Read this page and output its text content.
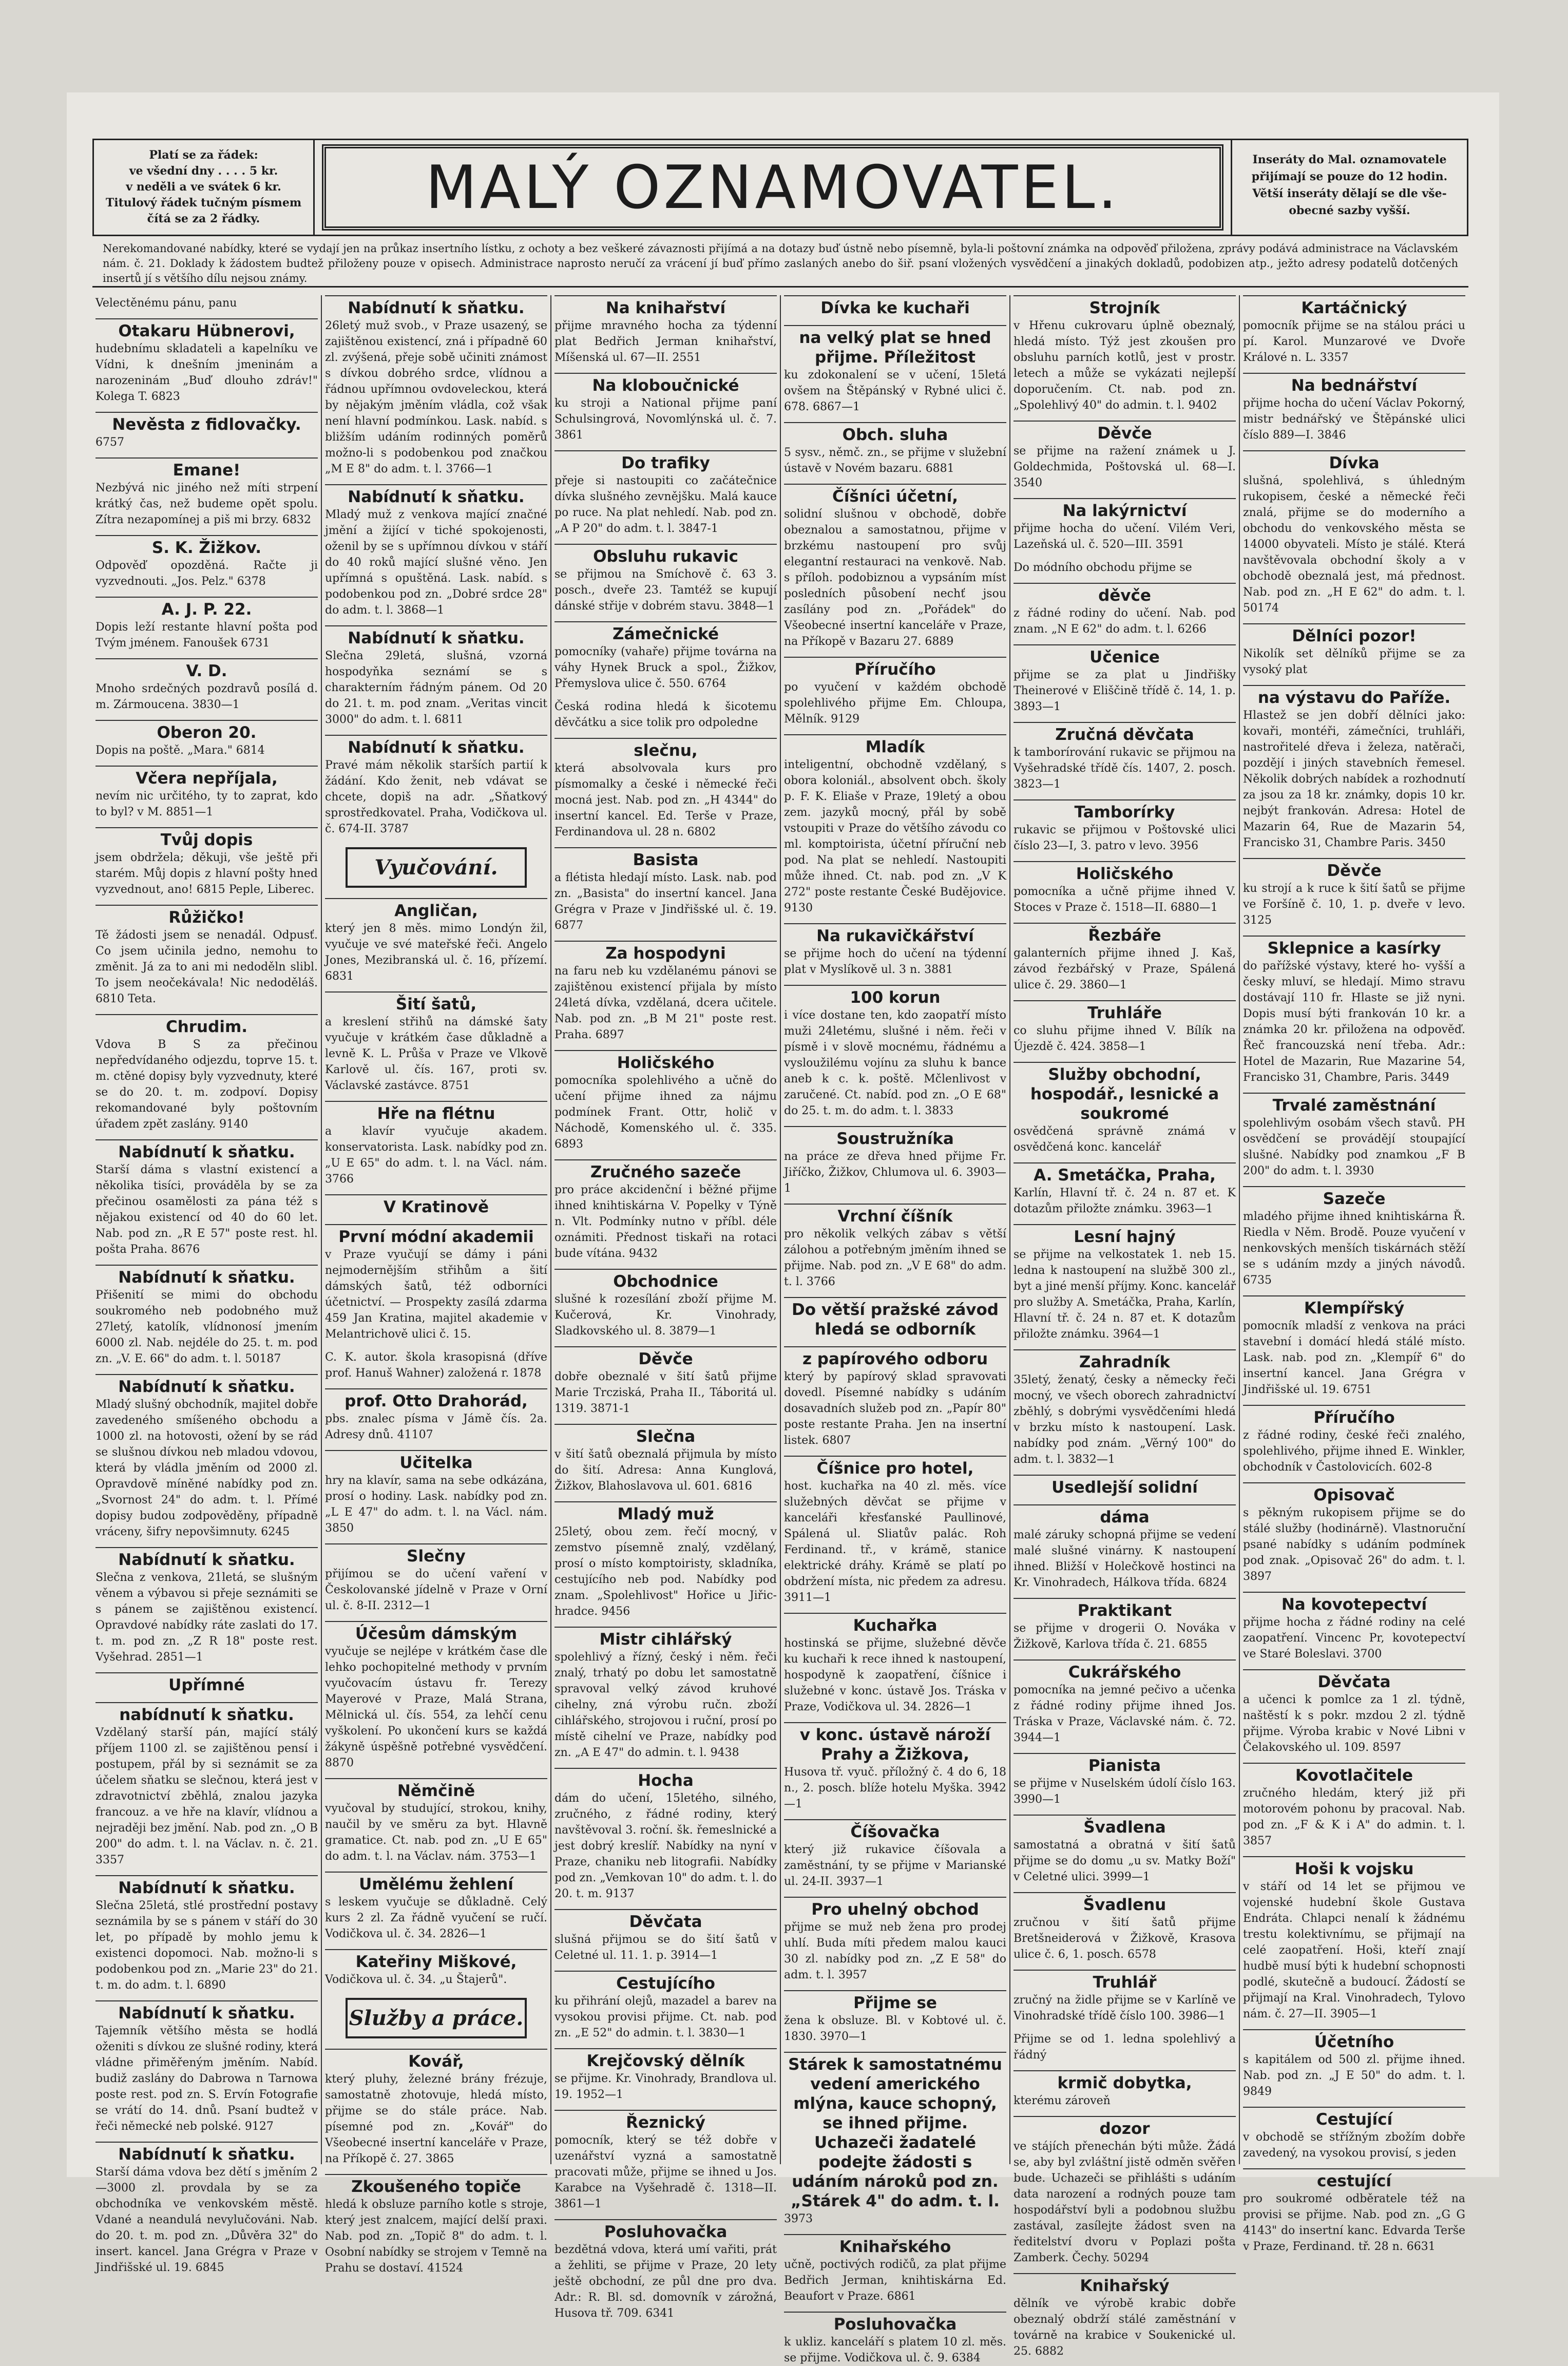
Platí se za řádek:
ve všední dny . . . . 5 kr.
v neděli a ve svátek 6 kr.
Titulový řádek tučným písmem
čítá se za 2 řádky.	MALÝ OZNAMOVATEL.	Inseráty do Mal. oznamovatele
přijímají se pouze do 12 hodin.
Větší inseráty dělají se dle vše-
obecné sazby vyšší.
Nerekomandované nabídky, které se vydají jen na průkaz insertního lístku, z ochoty a bez veškeré závaznosti přijímá a na dotazy buď ústně nebo písemně, byla-li poštovní známka na odpověď přiložena, zprávy podává administrace na Václavském nám. č. 21. Doklady k žádostem budtež přiloženy pouze v opisech. Administrace naprosto neručí za vrácení jí buď přímo zaslaných anebo do šiř. psaní vložených vysvědčení a jinakých dokladů, podobizen atp., ježto adresy podatelů dotčených insertů jí s většího dílu nejsou známy.
Velectěnému pánu, panu
Otakaru Hübnerovi,
hudebnímu skladateli a kapelníku ve Vídni, k dnešním jmeninám a narozeninám „Buď dlouho zdráv!" Kolega T. 6823
Nevěsta z fidlovačky.
6757
Emane!
Nezbývá nic jiného než míti strpení krátký čas, než budeme opět spolu. Zítra nezapomínej a piš mi brzy. 6832
S. K. Žižkov.
Odpověď opozděná. Račte ji vyzvednouti. „Jos. Pelz." 6378
A. J. P. 22.
Dopis leží restante hlavní pošta pod Tvým jménem. Fanoušek 6731
V. D.
Mnoho srdečných pozdravů posílá d. m. Zármoucena. 3830—1
Oberon 20.
Dopis na poště. „Mara." 6814
Včera nepříjala,
nevím nic určitého, ty to zaprat, kdo to byl? v M. 8851—1
Tvůj dopis
jsem obdržela; děkuji, vše ještě při starém. Můj dopis z hlavní pošty hned vyzvednout, ano! 6815 Peple, Liberec.
Růžičko!
Tě žádosti jsem se nenadál. Odpusť. Co jsem učinila jedno, nemohu to změnit. Já za to ani mi nedoděln slibl. To jsem neočekávala! Nic nedoděláš. 6810 Teta.
Chrudim.
Vdova B S za přečinou nepředvídaného odjezdu, toprve 15. t. m. ctěné dopisy byly vyzvednuty, které se do 20. t. m. zodpoví. Dopisy rekomandované byly poštovním úřadem zpět zaslány. 9140
Nabídnutí k sňatku.
Starší dáma s vlastní existencí a několika tisíci, prováděla by se za přečinou osamělosti za pána též s nějakou existencí od 40 do 60 let. Nab. pod zn. „R E 57" poste rest. hl. pošta Praha. 8676
Nabídnutí k sňatku.
Přišenití se mimi do obchodu soukromého neb podobného muž 27letý, katolík, vlídnonosí jmením 6000 zl. Nab. nejdéle do 25. t. m. pod zn. „V. E. 66" do adm. t. l. 50187
Nabídnutí k sňatku.
Mladý slušný obchodník, majitel dobře zavedeného smíšeného obchodu a 1000 zl. na hotovosti, ožení by se rád se slušnou dívkou neb mladou vdovou, která by vládla jměním od 2000 zl. Opravdově míněné nabídky pod zn. „Svornost 24" do adm. t. l. Přímé dopisy budou zodpověděny, případně vráceny, šifry nepovšimnuty. 6245
Nabídnutí k sňatku.
Slečna z venkova, 21letá, se slušným věnem a výbavou si přeje seznámiti se s pánem se zajištěnou existencí. Opravdové nabídky ráte zaslati do 17. t. m. pod zn. „Z R 18" poste rest. Vyšehrad. 2851—1
Upřímné
nabídnutí k sňatku.
Vzdělaný starší pán, mající stálý příjem 1100 zl. se zajištěnou pensí i postupem, přál by si seznámit se za účelem sňatku se slečnou, která jest v zdravotnictví zběhlá, znalou jazyka francouz. a ve hře na klavír, vlídnou a nejraději bez jmění. Nab. pod zn. „O B 200" do adm. t. l. na Václav. n. č. 21. 3357
Nabídnutí k sňatku.
Slečna 25letá, stlé prostřední postavy seznámila by se s pánem v stáří do 30 let, po případě by mohlo jemu k existenci dopomoci. Nab. možno-li s podobenkou pod zn. „Marie 23" do 21. t. m. do adm. t. l. 6890
Nabídnutí k sňatku.
Tajemník většího města se hodlá oženiti s dívkou ze slušné rodiny, která vládne přiměřeným jměním. Nabíd. budiž zaslány do Dabrowa n Tarnowa poste rest. pod zn. S. Ervín Fotografie se vrátí do 14. dnů. Psaní budtež v řeči německé neb polské. 9127
Nabídnutí k sňatku.
Starší dáma vdova bez dětí s jměním 2—3000 zl. provdala by se za obchodníka ve venkovském městě. Vdané a neandulá nevylučováni. Nab. do 20. t. m. pod zn. „Důvěra 32" do insert. kancel. Jana Grégra v Praze v Jindřišské ul. 19. 6845
Nabídnutí k sňatku.
26letý muž svob., v Praze usazený, se zajištěnou existencí, zná i případně 60 zl. zvýšená, přeje sobě učiniti známost s dívkou dobrého srdce, vlídnou a řádnou upřímnou ovdoveleckou, která by nějakým jměním vládla, což však není hlavní podmínkou. Lask. nabíd. s bližším udáním rodinných poměrů možno-li s podobenkou pod značkou „M E 8" do adm. t. l. 3766—1
Nabídnutí k sňatku.
Mladý muž z venkova mající značné jmění a žijící v tiché spokojenosti, oženil by se s upřímnou dívkou v stáří do 40 roků mající slušné věno. Jen upřímná s opuštěná. Lask. nabíd. s podobenkou pod zn. „Dobré srdce 28" do adm. t. l. 3868—1
Nabídnutí k sňatku.
Slečna 29letá, slušná, vzorná hospodyňka seznámí se s charakterním řádným pánem. Od 20 do 21. t. m. pod znam. „Veritas vincit 3000" do adm. t. l. 6811
Nabídnutí k sňatku.
Pravé mám několik starších partií k žádání. Kdo ženit, neb vdávat se chcete, dopiš na adr. „Sňatkový sprostředkovatel. Praha, Vodičkova ul. č. 674-II. 3787
Vyučování.
Angličan,
který jen 8 měs. mimo Londýn žil, vyučuje ve své mateřské řeči. Angelo Jones, Mezibranská ul. č. 16, přízemí. 6831
Šití šatů,
a kreslení střihů na dámské šaty vyučuje v krátkém čase důkladně a levně K. L. Průša v Praze ve Vlkově Karlově ul. čís. 167, proti sv. Václavské zastávce. 8751
Hře na flétnu
a klavír vyučuje akadem. konservatorista. Lask. nabídky pod zn. „U E 65" do adm. t. l. na Václ. nám. 3766
V Kratinově
První módní akademii
v Praze vyučují se dámy i páni nejmodernějším střihům a šití dámských šatů, též odborníci účetnictví. — Prospekty zasílá zdarma 459 Jan Kratina, majitel akademie v Melantrichově ulici č. 15.
C. K. autor. škola krasopisná (dříve prof. Hanuš Wahner) založená r. 1878
prof. Otto Drahorád,
pbs. znalec písma v Jámě čís. 2a. Adresy dnů. 41107
Učitelka
hry na klavír, sama na sebe odkázána, prosí o hodiny. Lask. nabídky pod zn. „L E 47" do adm. t. l. na Václ. nám. 3850
Slečny
přijímou se do učení vaření v Českolovanské jídelně v Praze v Orní ul. č. 8-II. 2312—1
Účesům dámským
vyučuje se nejlépe v krátkém čase dle lehko pochopitelné methody v prvním vyučovacím ústavu fr. Terezy Mayerové v Praze, Malá Strana, Mělnická ul. čís. 554, za lehčí cenu vyškolení. Po ukončení kurs se každá žákyně úspěšně potřebné vysvědčení. 8870
Němčině
vyučoval by studující, strokou, knihy, naučil by ve směru za byt. Hlavně gramatice. Ct. nab. pod zn. „U E 65" do adm. t. l. na Václav. nám. 3753—1
Umělému žehlení
s leskem vyučuje se důkladně. Celý kurs 2 zl. Za řádně vyučení se ručí. Vodičkova ul. č. 34. 2826—1
Kateřiny Miškové,
Vodičkova ul. č. 34. „u Štajerů".
Služby a práce.
Kovář,
který pluhy, železné brány frézuje, samostatně zhotovuje, hledá místo, přijme se do stále práce. Nab. písemné pod zn. „Kovář" do Všeobecné insertní kanceláře v Praze, na Příkopě č. 27. 3865
Zkoušeného topiče
hledá k obsluze parního kotle s stroje, který jest znalcem, mající delší praxi. Nab. pod zn. „Topič 8" do adm. t. l. Osobní nabídky se strojem v Temně na Prahu se dostaví. 41524
Na knihařství
přijme mravného hocha za týdenní plat Bedřich Jerman knihařství, Míšenská ul. 67—II. 2551
Na kloboučnické
ku stroji a National přijme paní Schulsingrová, Novomlýnská ul. č. 7. 3861
Do trafiky
přeje si nastoupiti co začátečnice dívka slušného zevnějšku. Malá kauce po ruce. Na plat nehledí. Nab. pod zn. „A P 20" do adm. t. l. 3847-1
Obsluhu rukavic
se přijmou na Smíchově č. 63 3. posch., dveře 23. Tamtéž se kupují dánské střije v dobrém stavu. 3848—1
Zámečnické
pomocníky (vahaře) přijme továrna na váhy Hynek Bruck a spol., Žižkov, Přemyslova ulice č. 550. 6764
Česká rodina hledá k šicotemu děvčátku a sice tolik pro odpoledne
slečnu,
která absolvovala kurs pro písmomalky a české i německé řeči mocná jest. Nab. pod zn. „H 4344" do insertní kancel. Ed. Terše v Praze, Ferdinandova ul. 28 n. 6802
Basista
a flétista hledají místo. Lask. nab. pod zn. „Basista" do insertní kancel. Jana Grégra v Praze v Jindřišské ul. č. 19. 6877
Za hospodyni
na faru neb ku vzdělanému pánovi se zajištěnou existencí přijala by místo 24letá dívka, vzdělaná, dcera učitele. Nab. pod zn. „B M 21" poste rest. Praha. 6897
Holičského
pomocníka spolehlivého a učně do učení přijme ihned za nájmu podmínek Frant. Ottr, holič v Náchodě, Komenského ul. č. 335. 6893
Zručného sazeče
pro práce akcidenční i běžné přijme ihned knihtiskárna V. Popelky v Týně n. Vlt. Podmínky nutno v příbl. déle oznámiti. Přednost tiskaři na rotaci bude vítána. 9432
Obchodnice
slušné k rozesílání zboží přijme M. Kučerová, Kr. Vinohrady, Sladkovského ul. 8. 3879—1
Děvče
dobře obeznalé v šití šatů přijme Marie Trcziská, Praha II., Táboritá ul. 1319. 3871-1
Slečna
v šití šatů obeznalá přijmula by místo do šití. Adresa: Anna Kunglová, Žižkov, Blahoslavova ul. 601. 6816
Mladý muž
25letý, obou zem. řečí mocný, v zemstvo písemně znalý, vzdělaný, prosí o místo komptoiristy, skladníka, cestujícího neb pod. Nabídky pod znam. „Spolehlivost" Hořice u Jiřic-hradce. 9456
Mistr cihlářský
spolehlivý a řízný, český i něm. řeči znalý, trhatý po dobu let samostatně spravoval velký závod kruhové cihelny, zná výrobu ručn. zboží cihlářského, strojovou i ruční, prosí po místě cihelní ve Praze, nabídky pod zn. „A E 47" do admin. t. l. 9438
Hocha
dám do učení, 15letého, silného, zručného, z řádné rodiny, který navštěvoval 3. roční. šk. řemeslnické a jest dobrý kreslíř. Nabídky na nyní v Praze, chaniku neb litografii. Nabídky pod zn. „Vemkovan 10" do adm. t. l. do 20. t. m. 9137
Děvčata
slušná přijmou se do šití šatů v Celetné ul. 11. 1. p. 3914—1
Cestujícího
ku přihrání olejů, mazadel a barev na vysokou provisi přijme. Ct. nab. pod zn. „E 52" do admin. t. l. 3830—1
Krejčovský dělník
se přijme. Kr. Vinohrady, Brandlova ul. 19. 1952—1
Řeznický
pomocník, který se též dobře v uzenářství vyzná a samostatně pracovati může, přijme se ihned u Jos. Karabce na Vyšehradě č. 1318—II. 3861—1
Posluhovačka
bezdětná vdova, která umí vařiti, prát a žehliti, se přijme v Praze, 20 lety ještě obchodní, ze půl dne pro dva. Adr.: R. Bl. sd. domovník v zárožná, Husova tř. 709. 6341
Dívka ke kuchaři
na velký plat se hned přijme. Příležitost
ku zdokonalení se v učení, 15letá ovšem na Štěpánský v Rybné ulici č. 678. 6867—1
Obch. sluha
5 sysv., němč. zn., se přijme v služební ústavě v Novém bazaru. 6881
Číšníci účetní,
solidní slušnou v obchodě, dobře obeznalou a samostatnou, přijme v brzkému nastoupení pro svůj elegantní restauraci na venkově. Nab. s příloh. podobiznou a vypsáním míst posledních působení nechť jsou zasílány pod zn. „Pořádek" do Všeobecné insertní kanceláře v Praze, na Příkopě v Bazaru 27. 6889
Příručího
po vyučení v každém obchodě spolehlivého přijme Em. Chloupa, Mělník. 9129
Mladík
inteligentní, obchodně vzdělaný, s obora koloniál., absolvent obch. školy p. F. K. Eliaše v Praze, 19letý a obou zem. jazyků mocný, přál by sobě vstoupiti v Praze do většího závodu co ml. komptoirista, účetní příruční neb pod. Na plat se nehledí. Nastoupiti může ihned. Ct. nab. pod zn. „V K 272" poste restante České Budějovice. 9130
Na rukavičkářství
se přijme hoch do učení na týdenní plat v Myslíkově ul. 3 n. 3881
100 korun
i více dostane ten, kdo zaopatří místo muži 24letému, slušné i něm. řeči v písmě i v slově mocnému, řádnému a vysloužilému vojínu za sluhu k bance aneb k c. k. poště. Mčlenlivost v zaručené. Ct. nabíd. pod zn. „O E 68" do 25. t. m. do adm. t. l. 3833
Soustružníka
na práce ze dřeva hned přijme Fr. Jiříčko, Žižkov, Chlumova ul. 6. 3903—1
Vrchní číšník
pro několik velkých zábav s větší zálohou a potřebným jměním ihned se přijme. Nab. pod zn. „V E 68" do adm. t. l. 3766
Do větší pražské závod hledá se odborník
z papírového odboru
který by papírový sklad spravovati dovedl. Písemné nabídky s udáním dosavadních služeb pod zn. „Papír 80" poste restante Praha. Jen na insertní listek. 6807
Číšnice pro hotel,
host. kuchařka na 40 zl. měs. více služebných děvčat se přijme v kanceláři křesťanské Paullinové, Spálená ul. Sliatův palác. Roh Ferdinand. tř., v krámě, stanice elektrické dráhy. Krámě se platí po obdržení místa, nic předem za adresu. 3911—1
Kuchařka
hostinská se přijme, služebné děvče ku kuchaři k rece ihned k nastoupení, hospodyně k zaopatření, číšnice i služebné v konc. ústavě Jos. Tráska v Praze, Vodičkova ul. 34. 2826—1
v konc. ústavě nároží Prahy a Žižkova,
Husova tř. vyuč. příložný č. 4 do 6, 18 n., 2. posch. blíže hotelu Myška. 3942—1
Číšovačka
který již rukavice číšovala a zaměstnání, ty se přijme v Marianské ul. 24-II. 3937—1
Pro uhelný obchod
přijme se muž neb žena pro prodej uhlí. Buda míti předem malou kauci 30 zl. nabídky pod zn. „Z E 58" do adm. t. l. 3957
Přijme se
žena k obsluze. Bl. v Kobtové ul. č. 1830. 3970—1
Stárek k samostatnému vedení amerického mlýna, kauce schopný, se ihned přijme. Uchazeči žadatelé podejte žádosti s udáním nároků pod zn. „Stárek 4" do adm. t. l.
3973
Knihařského
učně, poctivých rodičů, za plat přijme Bedřich Jerman, knihtiskárna Ed. Beaufort v Praze. 6861
Posluhovačka
k ukliz. kanceláří s platem 10 zl. měs. se přijme. Vodičkova ul. č. 9. 6384
Strojník
v Hřenu cukrovaru úplně obeznalý, hledá místo. Týž jest zkoušen pro obsluhu parních kotlů, jest v prostr. letech a může se vykázati nejlepší doporučením. Ct. nab. pod zn. „Spolehlivý 40" do admin. t. l. 9402
Děvče
se přijme na ražení známek u J. Goldechmida, Poštovská ul. 68—I. 3540
Na lakýrnictví
přijme hocha do učení. Vilém Veri, Lazeňská ul. č. 520—III. 3591
Do módního obchodu přijme se
děvče
z řádné rodiny do učení. Nab. pod znam. „N E 62" do adm. t. l. 6266
Učenice
přijme se za plat u Jindřišky Theinerové v Eliščině třídě č. 14, 1. p. 3893—1
Zručná děvčata
k tamborírování rukavic se přijmou na Vyšehradské třídě čís. 1407, 2. posch. 3823—1
Tamborírky
rukavic se přijmou v Poštovské ulici číslo 23—I, 3. patro v levo. 3956
Holičského
pomocníka a učně přijme ihned V. Stoces v Praze č. 1518—II. 6880—1
Řezbáře
galanterních přijme ihned J. Kaš, závod řezbářský v Praze, Spálená ulice č. 29. 3860—1
Truhláře
co sluhu přijme ihned V. Bílík na Újezdě č. 424. 3858—1
Služby obchodní, hospodář., lesnické a soukromé
osvědčená správně známá v osvědčená konc. kancelář
A. Smetáčka, Praha,
Karlín, Hlavní tř. č. 24 n. 87 et. K dotazům přiložte známku. 3963—1
Lesní hajný
se přijme na velkostatek 1. neb 15. ledna k nastoupení na službě 300 zl., byt a jiné menší příjmy. Konc. kancelář pro služby A. Smetáčka, Praha, Karlín, Hlavní tř. č. 24 n. 87 et. K dotazům přiložte známku. 3964—1
Zahradník
35letý, ženatý, česky a německy řeči mocný, ve všech oborech zahradnictví zběhlý, s dobrými vysvědčeními hledá v brzku místo k nastoupení. Lask. nabídky pod znám. „Věrný 100" do adm. t. l. 3832—1
Usedlejší solidní
dáma
malé záruky schopná přijme se vedení malé slušné vinárny. K nastoupení ihned. Bližší v Holečkově hostinci na Kr. Vinohradech, Hálkova třída. 6824
Praktikant
se přijme v drogerii O. Nováka v Žižkově, Karlova třída č. 21. 6855
Cukrářského
pomocníka na jemné pečivo a učenka z řádné rodiny přijme ihned Jos. Tráska v Praze, Václavské nám. č. 72. 3944—1
Pianista
se přijme v Nuselském údolí číslo 163. 3990—1
Švadlena
samostatná a obratná v šití šatů přijme se do domu „u sv. Matky Boží" v Celetné ulici. 3999—1
Švadlenu
zručnou v šití šatů přijme Bretšneiderová v Žižkově, Krasova ulice č. 6, 1. posch. 6578
Truhlář
zručný na židle přijme se v Karlíně ve Vinohradské třídě číslo 100. 3986—1
Přijme se od 1. ledna spolehlivý a řádný
krmič dobytka,
kterému zároveň
dozor
ve stájích přenechán býti může. Žádá se, aby byl zvláštní jistě odměn svěřen bude. Uchazeči se přihlášti s udáním data narození a rodných pouze tam hospodářství byli a podobnou službu zastával, zasílejte žádost sven na ředitelství dvoru v Poplazi pošta Zamberk. Čechy. 50294
Knihařský
dělník ve výrobě krabic dobře obeznalý obdrží stálé zaměstnání v továrně na krabice v Soukenické ul. 25. 6882
Kartáčnický
pomocník přijme se na stálou práci u pí. Karol. Munzarové ve Dvoře Králové n. L. 3357
Na bednářství
přijme hocha do učení Václav Pokorný, mistr bednářský ve Štěpánské ulici číslo 889—I. 3846
Dívka
slušná, spolehlivá, s úhledným rukopisem, české a německé řeči znalá, přijme se do moderního a obchodu do venkovského města se 14000 obyvateli. Místo je stálé. Která navštěvovala obchodní školy a v obchodě obeznalá jest, má přednost. Nab. pod zn. „H E 62" do adm. t. l. 50174
Dělníci pozor!
Nikolík set dělníků přijme se za vysoký plat
na výstavu do Paříže.
Hlastež se jen dobří dělníci jako: kovaři, montéři, zámečníci, truhláři, nastrořitelé dřeva i železa, natěrači, pozdějí i jiných stavebních řemesel. Několik dobrých nabídek a rozhodnutí za jsou za 18 kr. známky, dopis 10 kr. nejbýt frankován. Adresa: Hotel de Mazarin 64, Rue de Mazarin 54, Francisko 31, Chambre Paris. 3450
Děvče
ku strojí a k ruce k šití šatů se přijme ve Foršíně č. 10, 1. p. dveře v levo. 3125
Sklepnice a kasírky
do pařížské výstavy, které ho- vyšší a česky mluví, se hledají. Mimo stravu dostávají 110 fr. Hlaste se již nyni. Dopis musí býti frankován 10 kr. a známka 20 kr. přiložena na odpověď. Řeč francouzská není třeba. Adr.: Hotel de Mazarin, Rue Mazarine 54, Francisko 31, Chambre, Paris. 3449
Trvalé zaměstnání
spolehlivým osobám všech stavů. PH osvědčení se provádějí stoupající slušné. Nabídky pod znamkou „F B 200" do adm. t. l. 3930
Sazeče
mladého přijme ihned knihtiskárna Ř. Riedla v Něm. Brodě. Pouze vyučení v nenkovských menších tiskárnách stěží se s udáním mzdy a jiných návodů. 6735
Klempířský
pomocník mladší z venkova na práci stavební i domácí hledá stálé místo. Lask. nab. pod zn. „Klempíř 6" do insertní kancel. Jana Grégra v Jindřišské ul. 19. 6751
Příručího
z řádné rodiny, české řeči znalého, spolehlivého, přijme ihned E. Winkler, obchodník v Častolovicích. 602-8
Opisovač
s pěkným rukopisem přijme se do stálé služby (hodinárně). Vlastnoruční psané nabídky s udáním podmínek pod znak. „Opisovač 26" do adm. t. l. 3897
Na kovotepectví
přijme hocha z řádné rodiny na celé zaopatření. Vincenc Pr, kovotepectví ve Staré Boleslavi. 3700
Děvčata
a učenci k pomlce za 1 zl. týdně, naštěstí k s pokr. mzdou 2 zl. týdně přijme. Výroba krabic v Nové Libni v Čelakovského ul. 109. 8597
Kovotlačitele
zručného hledám, který již při motorovém pohonu by pracoval. Nab. pod zn. „F & K i A" do admin. t. l. 3857
Hoši k vojsku
v stáří od 14 let se přijmou ve vojenské hudební škole Gustava Endráta. Chlapci nenalí k žádnému trestu kolektivnímu, se přijmají na celé zaopatření. Hoši, kteří znají hudbě musí býti k hudební schopnosti podlé, skutečně a budoucí. Žádostí se přijmají na Kral. Vinohradech, Tylovo nám. č. 27—II. 3905—1
Účetního
s kapitálem od 500 zl. přijme ihned. Nab. pod zn. „J E 50" do adm. t. l. 9849
Cestující
v obchodě se střížným zbožím dobře zavedený, na vysokou provisí, s jeden
cestující
pro soukromé odběratele též na provisi se přijme. Nab. pod zn. „G G 4143" do insertní kanc. Edvarda Terše v Praze, Ferdinand. tř. 28 n. 6631
